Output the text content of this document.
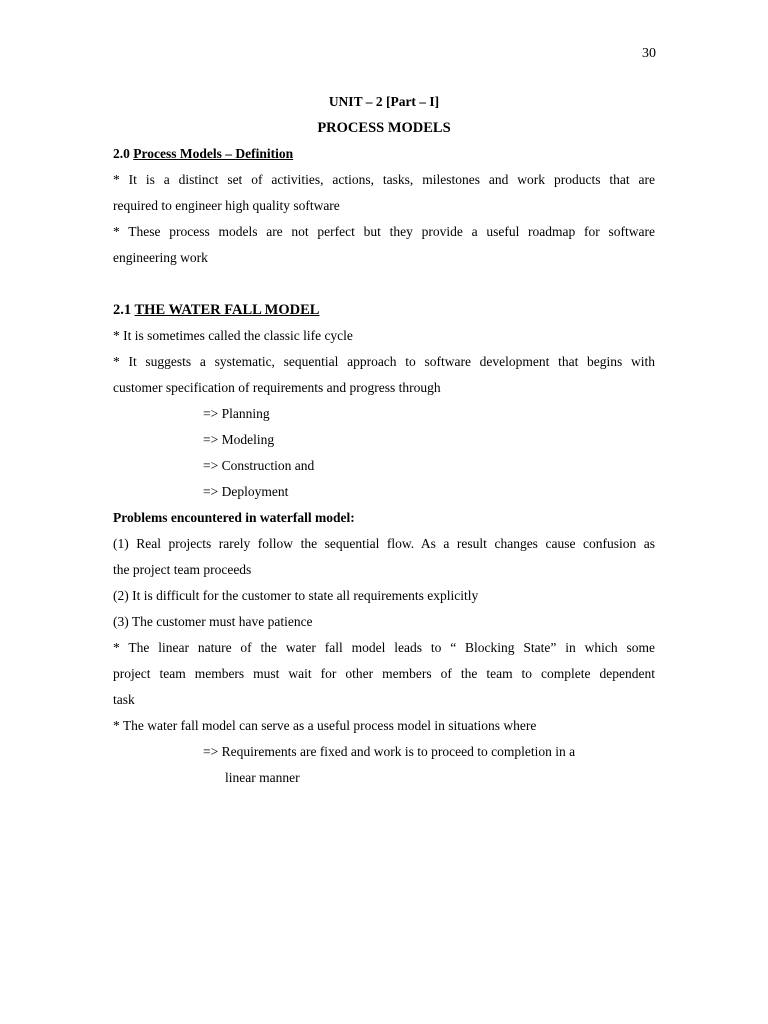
30
UNIT – 2 [Part – I]
PROCESS MODELS
2.0 Process Models – Definition
* It is a distinct set of activities, actions, tasks, milestones and work products that are
required to engineer high quality software
* These process models are not perfect but they provide a useful roadmap for software
engineering work
2.1 THE WATER FALL MODEL
* It is sometimes called the classic life cycle
* It suggests a systematic, sequential approach to software development that begins with
customer specification of requirements and progress through
=> Planning
=> Modeling
=> Construction and
=> Deployment
Problems encountered in waterfall model:
(1) Real projects rarely follow the sequential flow. As a result changes cause confusion as
the project team proceeds
(2) It is difficult for the customer to state all requirements explicitly
(3) The customer must have patience
* The linear nature of the water fall model leads to “ Blocking State” in which some
project team members must wait for other members of the team to complete dependent
task
* The water fall model can serve as a useful process model in situations where
=> Requirements are fixed and work is to proceed to completion in a
linear manner
